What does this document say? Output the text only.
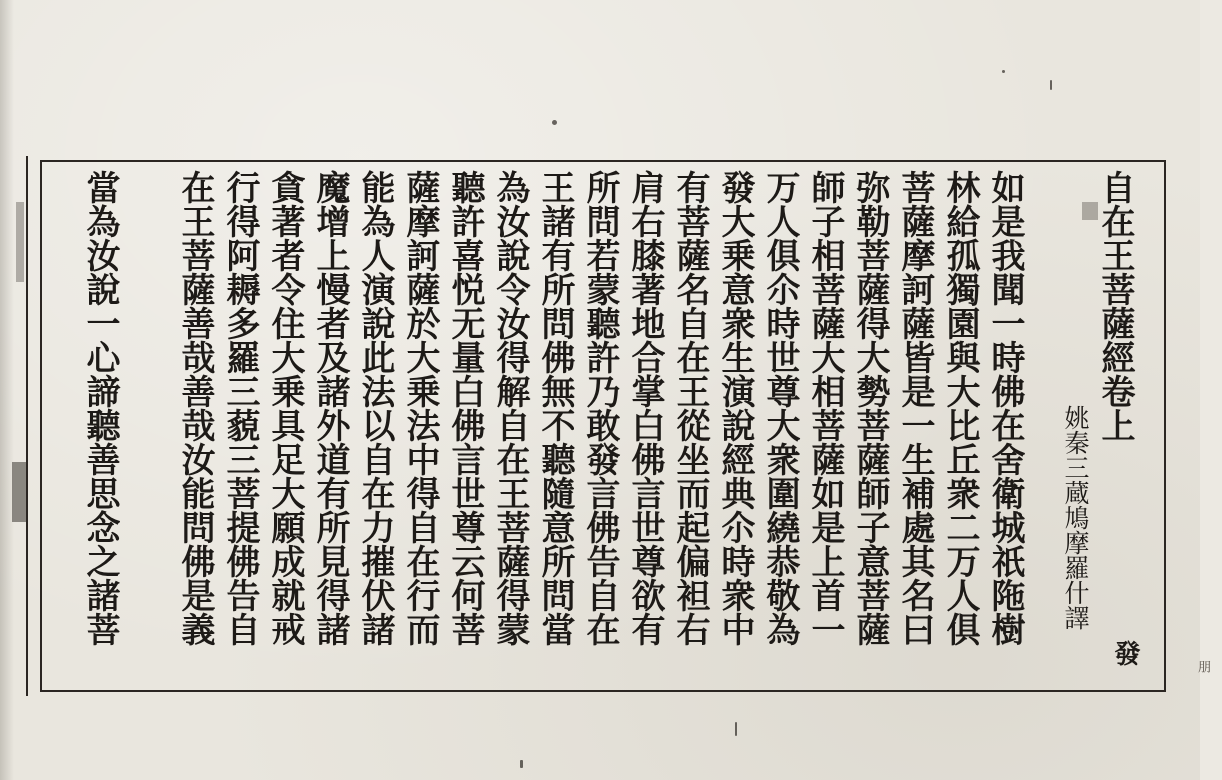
自在王菩薩經卷上
姚秦三蔵鳩摩羅什譯
發
朋
如是我聞一時佛在舍衛城祇陁樹
林給孤獨園與大比丘衆二万人俱
菩薩摩訶薩皆是一生補處其名曰
弥勒菩薩得大勢菩薩師子意菩薩
師子相菩薩大相菩薩如是上首一
万人俱尒時世尊大衆圍繞恭敬為
發大乗意衆生演說經典尒時衆中
有菩薩名自在王從坐而起偏袒右
肩右膝著地合掌白佛言世尊欲有
所問若蒙聽許乃敢發言佛告自在
王諸有所問佛無不聽隨意所問當
為汝說令汝得解自在王菩薩得蒙
聽許喜悦无量白佛言世尊云何菩
薩摩訶薩於大乗法中得自在行而
能為人演說此法以自在力摧伏諸
魔增上慢者及諸外道有所見得諸
貪著者令住大乗具足大願成就戒
行得阿耨多羅三藐三菩提佛告自
在王菩薩善哉善哉汝能問佛是義
當為汝說一心諦聽善思念之諸菩
